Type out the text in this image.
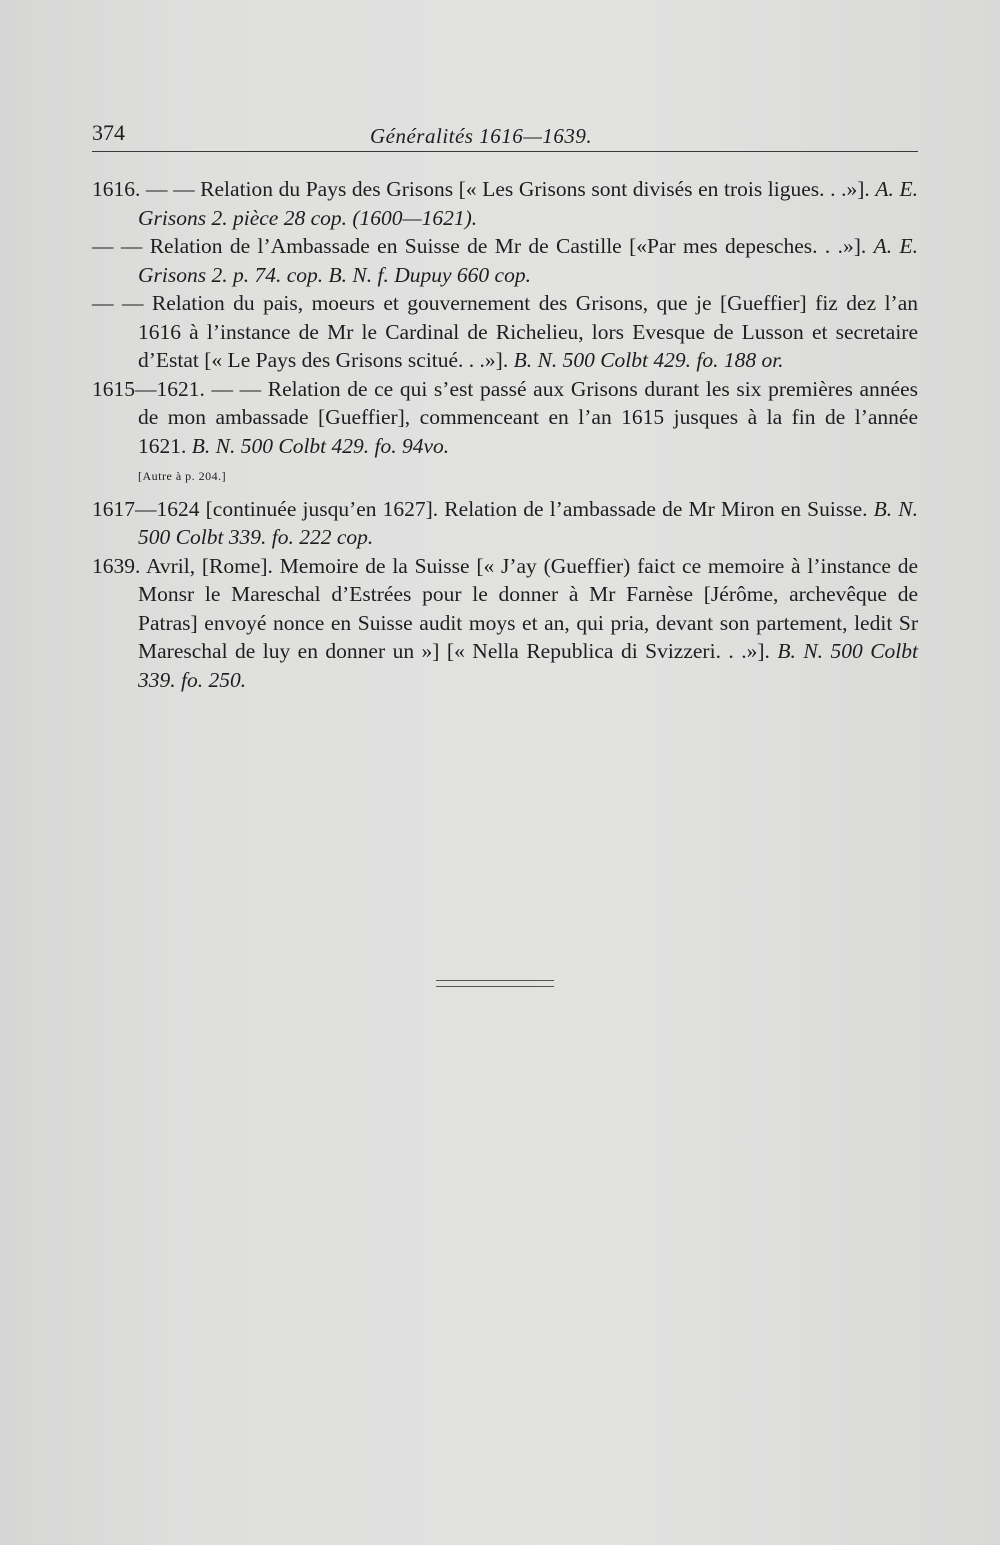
374	Généralités 1616—1639.

1616. — — Relation du Pays des Grisons [« Les Grisons sont divisés en trois ligues. . .»]. A. E. Grisons 2. pièce 28 cop. (1600—1621).

— — Relation de l’Ambassade en Suisse de Mr de Castille [«Par mes depesches. . .»]. A. E. Grisons 2. p. 74. cop. B. N. f. Dupuy 660 cop.

— — Relation du pais, moeurs et gouvernement des Grisons, que je [Gueffier] fiz dez l’an 1616 à l’instance de Mr le Cardinal de Richelieu, lors Evesque de Lusson et secretaire d’Estat [« Le Pays des Grisons scitué. . .»]. B. N. 500 Colbt 429. fo. 188 or.

1615—1621. — — Relation de ce qui s’est passé aux Grisons durant les six premières années de mon ambassade [Gueffier], commenceant en l’an 1615 jusques à la fin de l’année 1621. B. N. 500 Colbt 429. fo. 94vo.
[Autre à p. 204.]

1617—1624 [continuée jusqu’en 1627]. Relation de l’ambassade de Mr Miron en Suisse. B. N. 500 Colbt 339. fo. 222 cop.

1639. Avril, [Rome]. Memoire de la Suisse [« J’ay (Gueffier) faict ce memoire à l’instance de Monsr le Mareschal d’Estrées pour le donner à Mr Farnèse [Jérôme, archevêque de Patras] envoyé nonce en Suisse audit moys et an, qui pria, devant son partement, ledit Sr Mareschal de luy en donner un »] [« Nella Republica di Svizzeri. . .»]. B. N. 500 Colbt 339. fo. 250.
